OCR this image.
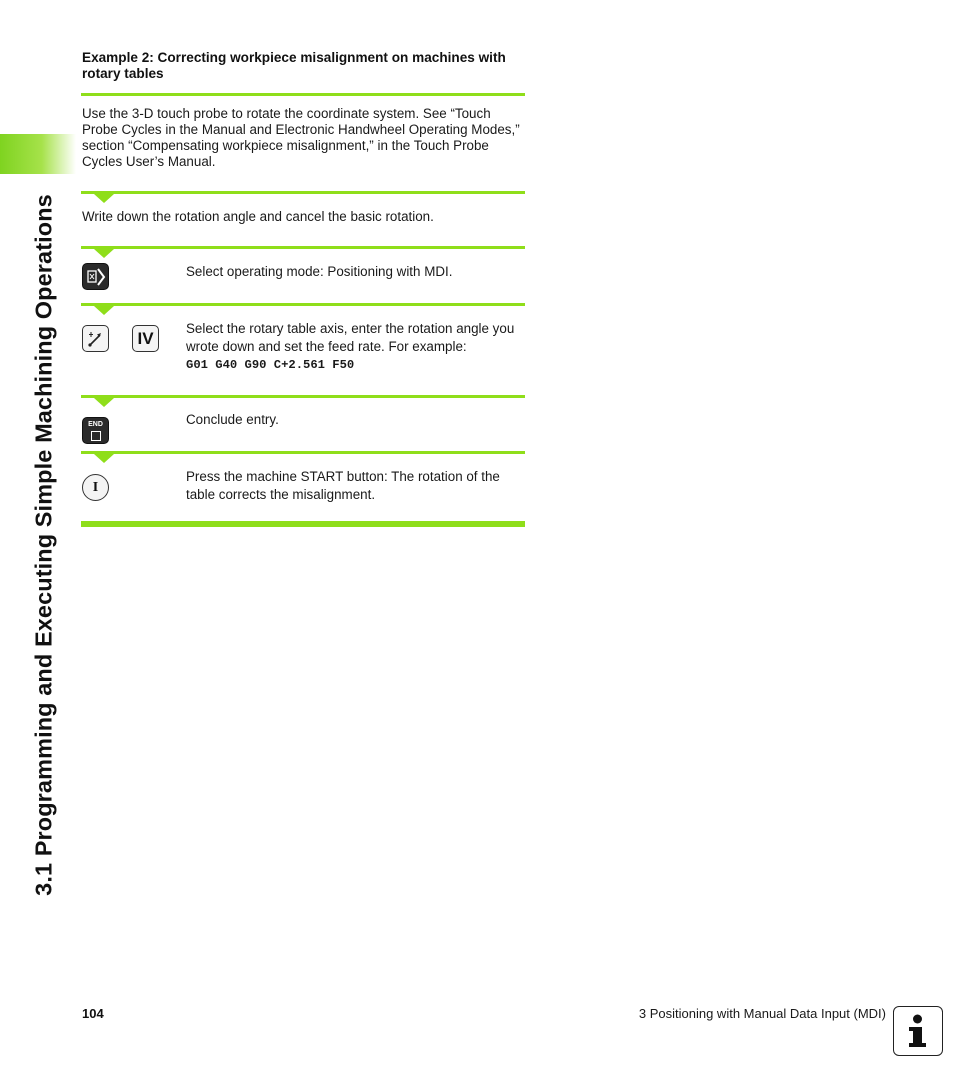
3.1 Programming and Executing Simple Machining Operations
Example 2: Correcting workpiece misalignment on machines with rotary tables
Use the 3-D touch probe to rotate the coordinate system. See “Touch Probe Cycles in the Manual and Electronic Handwheel Operating Modes,” section “Compensating workpiece misalignment,” in the Touch Probe Cycles User’s Manual.
Write down the rotation angle and cancel the basic rotation.
Select operating mode: Positioning with MDI.
IV Select the rotary table axis, enter the rotation angle you wrote down and set the feed rate. For example:
G01 G40 G90 C+2.561 F50
END	Conclude entry.
I
Press the machine START button: The rotation of the table corrects the misalignment.
104	3 Positioning with Manual Data Input (MDI)
